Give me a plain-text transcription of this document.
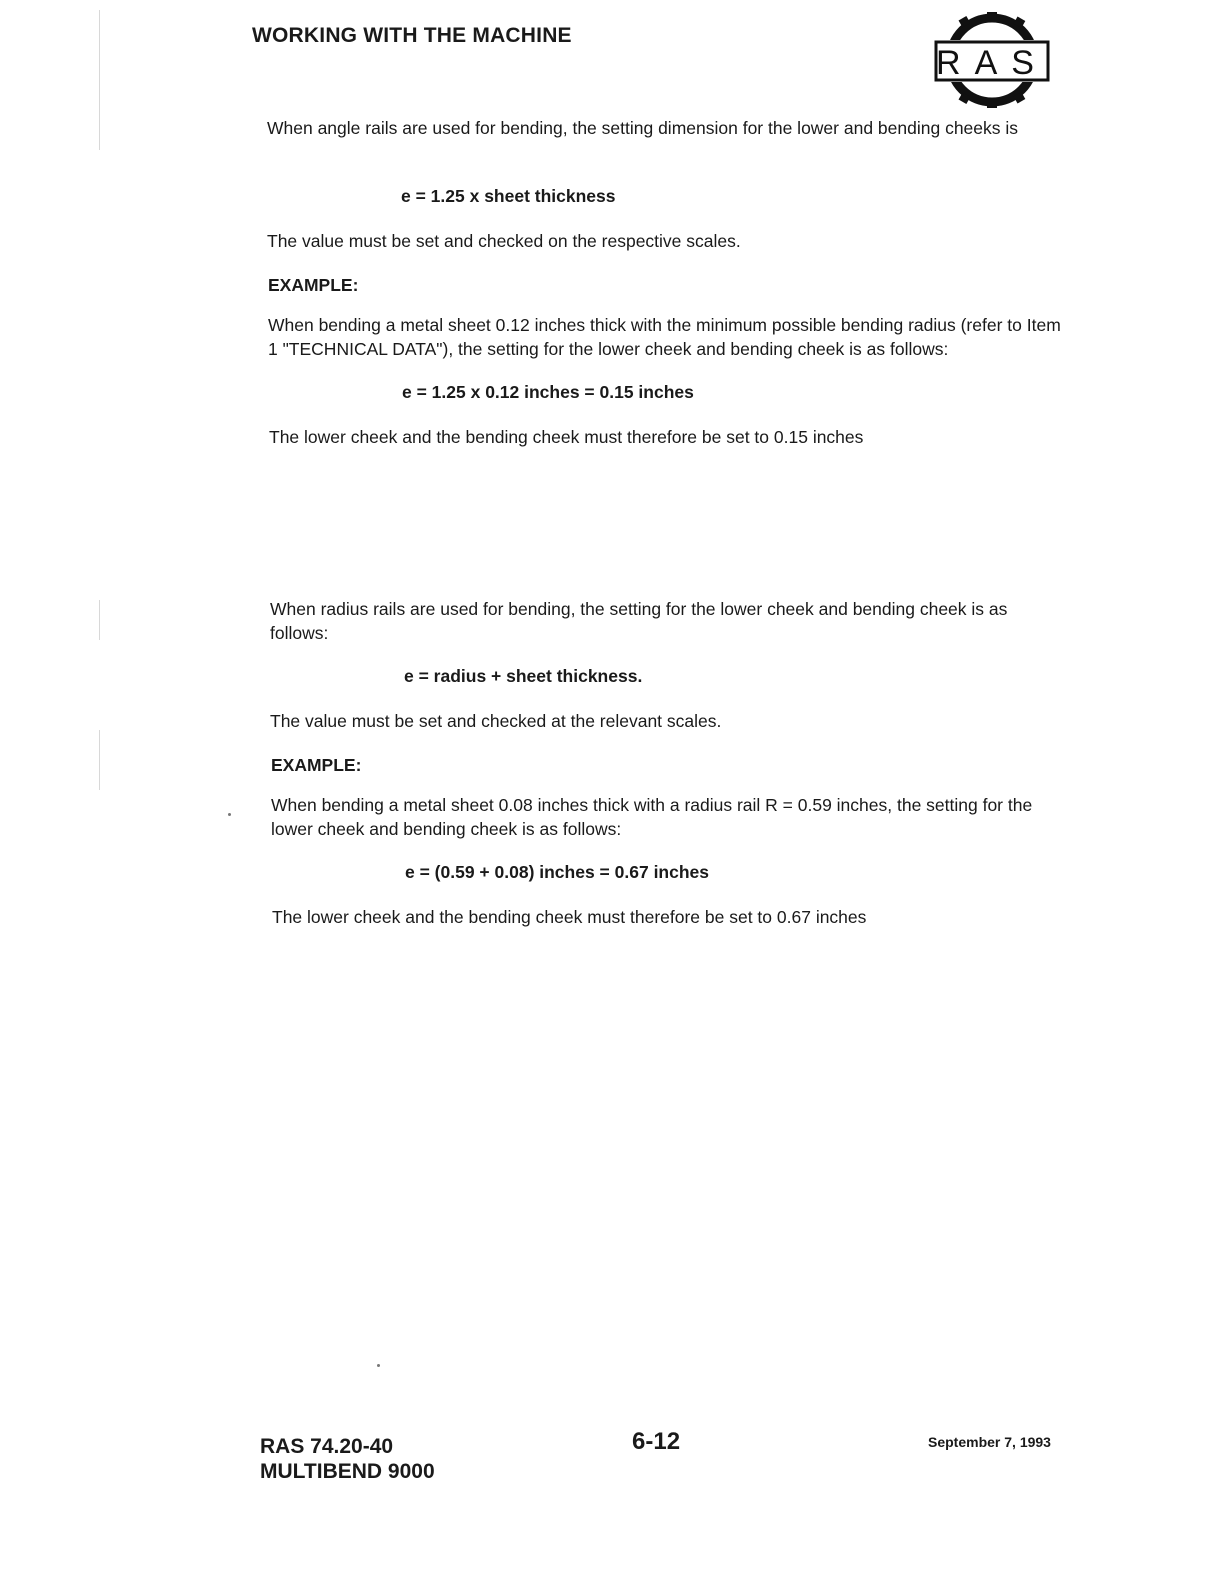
WORKING WITH THE MACHINE
RAS
When angle rails are used for bending, the setting dimension for the lower and bending cheeks is
e = 1.25 x sheet thickness
The value must be set and checked on the respective scales.
EXAMPLE:
When bending a metal sheet 0.12 inches thick with the minimum possible bending radius (refer to Item 1 "TECHNICAL DATA"), the setting for the lower cheek and bending cheek is as follows:
e = 1.25 x 0.12 inches = 0.15 inches
The lower cheek and the bending cheek must therefore be set to 0.15 inches
When radius rails are used for bending, the setting for the lower cheek and bending cheek is as follows:
e = radius + sheet thickness.
The value must be set and checked at the relevant scales.
EXAMPLE:
When bending a metal sheet 0.08 inches thick with a radius rail R = 0.59 inches, the setting for the lower cheek and bending cheek is as follows:
e = (0.59 + 0.08) inches = 0.67 inches
The lower cheek and the bending cheek must therefore be set to 0.67 inches
RAS 74.20-40
MULTIBEND 9000
6-12	September 7, 1993
